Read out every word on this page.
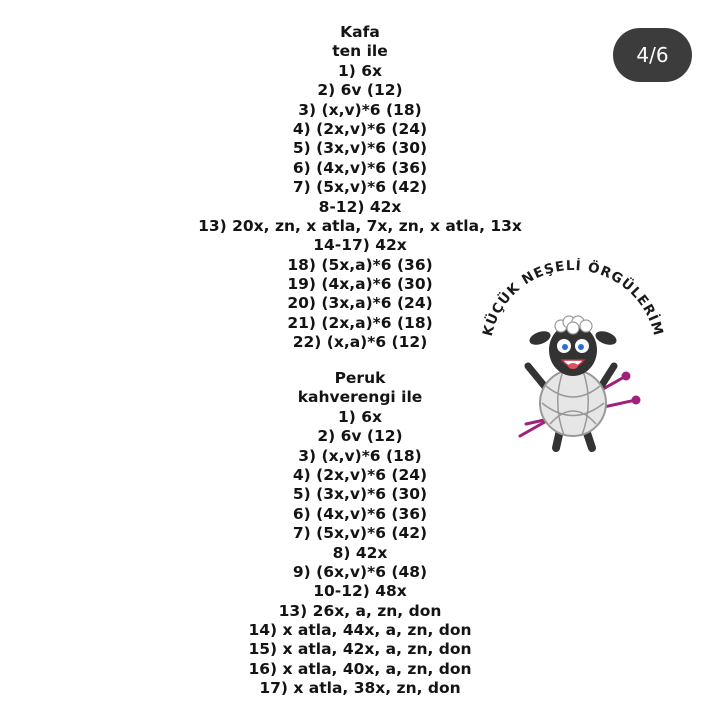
Kafa
ten ile
1) 6x
2) 6v (12)
3) (x,v)*6 (18)
4) (2x,v)*6 (24)
5) (3x,v)*6 (30)
6) (4x,v)*6 (36)
7) (5x,v)*6 (42)
8-12) 42x
13) 20x, zn, x atla, 7x, zn, x atla, 13x
14-17) 42x
18) (5x,a)*6 (36)
19) (4x,a)*6 (30)
20) (3x,a)*6 (24)
21) (2x,a)*6 (18)
22) (x,a)*6 (12)
Peruk
kahverengi ile
1) 6x
2) 6v (12)
3) (x,v)*6 (18)
4) (2x,v)*6 (24)
5) (3x,v)*6 (30)
6) (4x,v)*6 (36)
7) (5x,v)*6 (42)
8) 42x
9) (6x,v)*6 (48)
10-12) 48x
13) 26x, a, zn, don
14) x atla, 44x, a, zn, don
15) x atla, 42x, a, zn, don
16) x atla, 40x, a, zn, don
17) x atla, 38x, zn, don
4/6
KÜÇÜK NEŞELİ ÖRGÜLERİM
